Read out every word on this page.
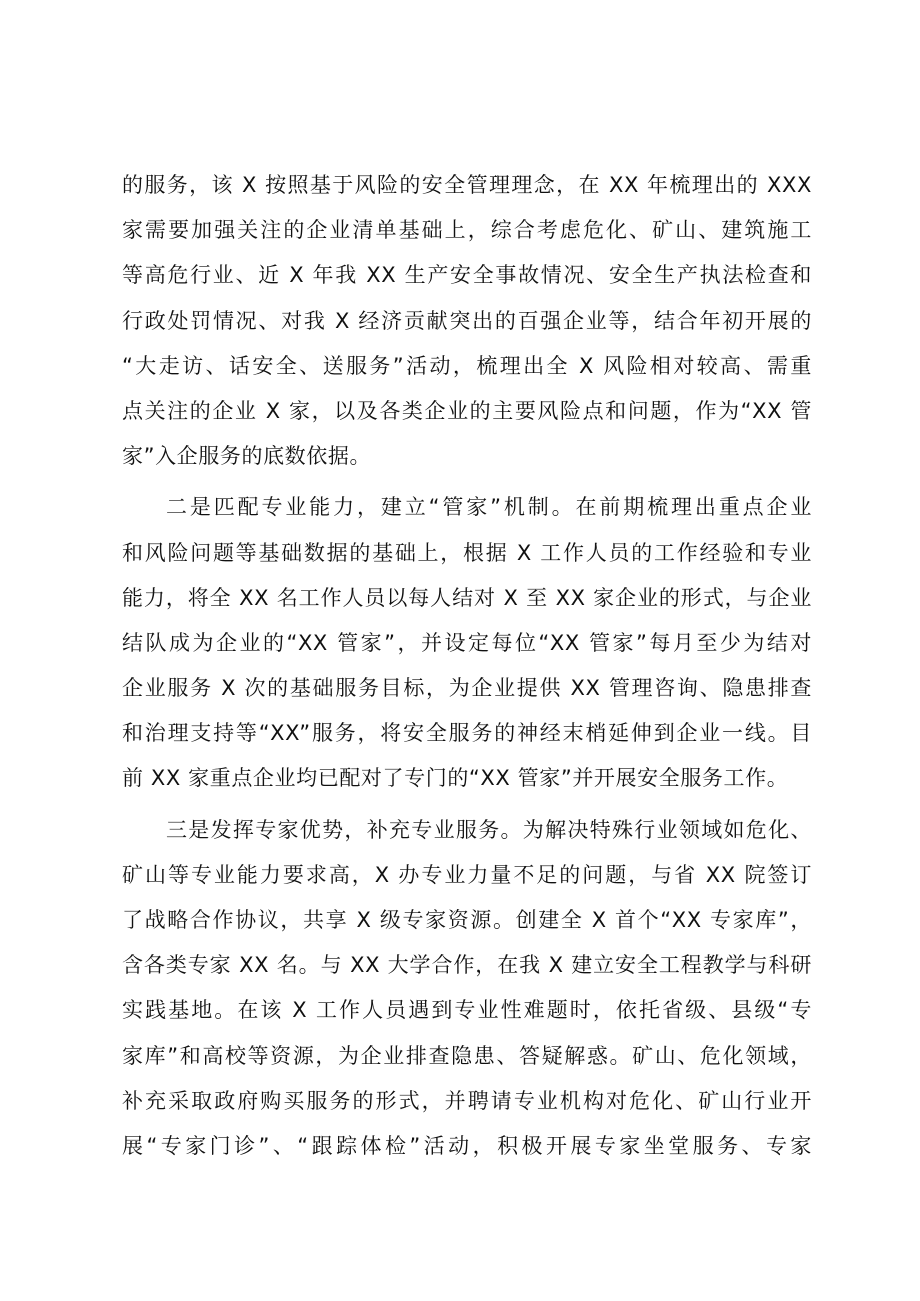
的服务，该 X 按照基于风险的安全管理理念，在 XX 年梳理出的 XXX
家需要加强关注的企业清单基础上，综合考虑危化、矿山、建筑施工
等高危行业、近 X 年我 XX 生产安全事故情况、安全生产执法检查和
行政处罚情况、对我 X 经济贡献突出的百强企业等，结合年初开展的
“大走访、话安全、送服务”活动，梳理出全 X 风险相对较高、需重
点关注的企业 X 家，以及各类企业的主要风险点和问题，作为“XX 管
家”入企服务的底数依据。
二是匹配专业能力，建立“管家”机制。在前期梳理出重点企业
和风险问题等基础数据的基础上，根据 X 工作人员的工作经验和专业
能力，将全 XX 名工作人员以每人结对 X 至 XX 家企业的形式，与企业
结队成为企业的“XX 管家”，并设定每位“XX 管家”每月至少为结对
企业服务 X 次的基础服务目标，为企业提供 XX 管理咨询、隐患排查
和治理支持等“XX”服务，将安全服务的神经末梢延伸到企业一线。目
前 XX 家重点企业均已配对了专门的“XX 管家”并开展安全服务工作。
三是发挥专家优势，补充专业服务。为解决特殊行业领域如危化、
矿山等专业能力要求高，X 办专业力量不足的问题，与省 XX 院签订
了战略合作协议，共享 X 级专家资源。创建全 X 首个“XX 专家库”，
含各类专家 XX 名。与 XX 大学合作，在我 X 建立安全工程教学与科研
实践基地。在该 X 工作人员遇到专业性难题时，依托省级、县级“专
家库”和高校等资源，为企业排查隐患、答疑解惑。矿山、危化领域，
补充采取政府购买服务的形式，并聘请专业机构对危化、矿山行业开
展“专家门诊”、“跟踪体检”活动，积极开展专家坐堂服务、专家
